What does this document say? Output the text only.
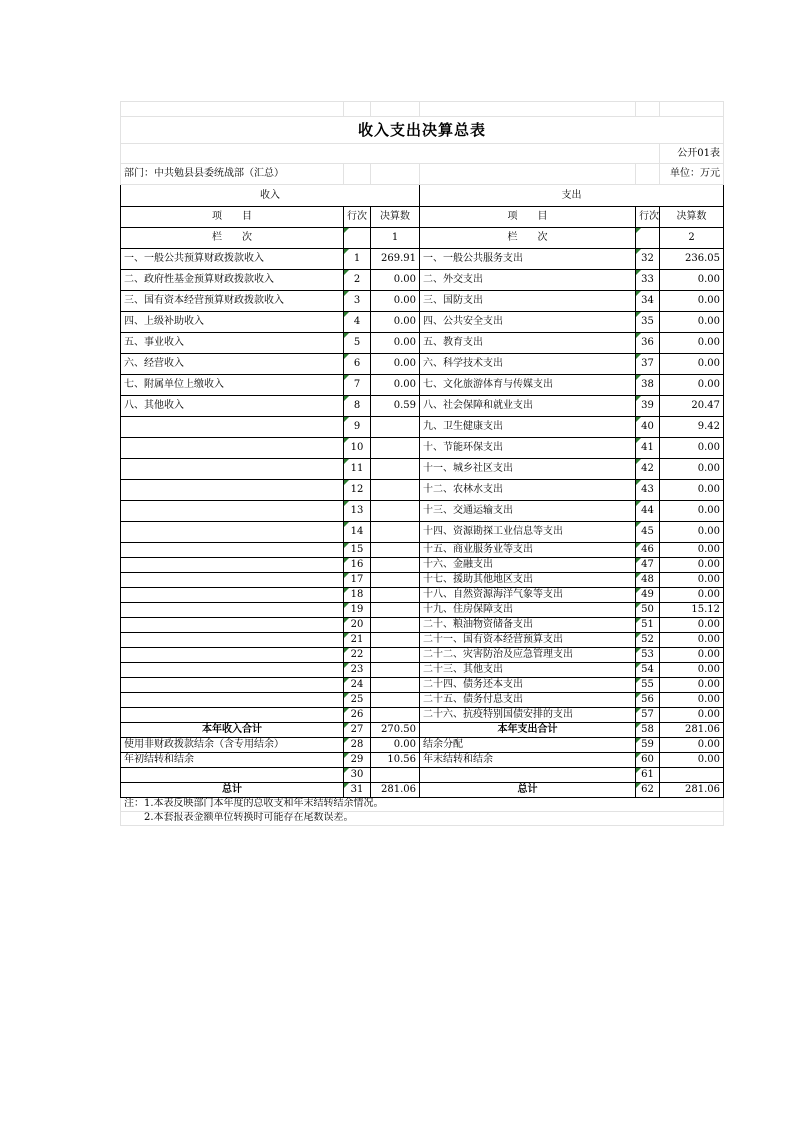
收入支出决算总表					
					公开01表
部门：中共勉县县委统战部（汇总）					单位：万元
收入			支出		
项　　目	行次	决算数	项　　目	行次	决算数
栏　　次		1	栏　　次		2
一、一般公共预算财政拨款收入	1	269.91	一、一般公共服务支出	32	236.05
二、政府性基金预算财政拨款收入	2	0.00	二、外交支出	33	0.00
三、国有资本经营预算财政拨款收入	3	0.00	三、国防支出	34	0.00
四、上级补助收入	4	0.00	四、公共安全支出	35	0.00
五、事业收入	5	0.00	五、教育支出	36	0.00
六、经营收入	6	0.00	六、科学技术支出	37	0.00
七、附属单位上缴收入	7	0.00	七、文化旅游体育与传媒支出	38	0.00
八、其他收入	8	0.59	八、社会保障和就业支出	39	20.47
	9		九、卫生健康支出	40	9.42
	10		十、节能环保支出	41	0.00
	11		十一、城乡社区支出	42	0.00
	12		十二、农林水支出	43	0.00
	13		十三、交通运输支出	44	0.00
	14		十四、资源勘探工业信息等支出	45	0.00
	15		十五、商业服务业等支出	46	0.00
	16		十六、金融支出	47	0.00
	17		十七、援助其他地区支出	48	0.00
	18		十八、自然资源海洋气象等支出	49	0.00
	19		十九、住房保障支出	50	15.12
	20		二十、粮油物资储备支出	51	0.00
	21		二十一、国有资本经营预算支出	52	0.00
	22		二十二、灾害防治及应急管理支出	53	0.00
	23		二十三、其他支出	54	0.00
	24		二十四、债务还本支出	55	0.00
	25		二十五、债务付息支出	56	0.00
	26		二十六、抗疫特别国债安排的支出	57	0.00
本年收入合计	27	270.50	本年支出合计	58	281.06
使用非财政拨款结余（含专用结余）	28	0.00	结余分配	59	0.00
年初结转和结余	29	10.56	年末结转和结余	60	0.00
	30			61	
总计	31	281.06	总计	62	281.06
注：1.本表反映部门本年度的总收支和年末结转结余情况。
　　2.本套报表金额单位转换时可能存在尾数误差。
